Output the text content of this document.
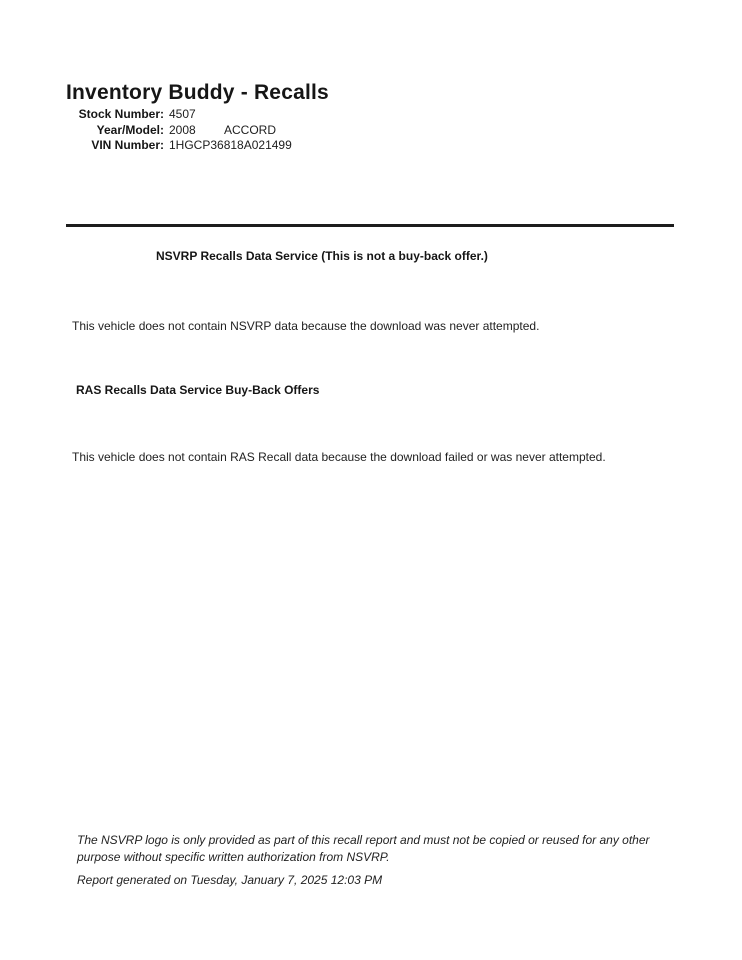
Inventory Buddy - Recalls
Stock Number: 4507
Year/Model: 2008	ACCORD
VIN Number: 1HGCP36818A021499
NSVRP Recalls Data Service (This is not a buy-back offer.)
This vehicle does not contain NSVRP data because the download was never attempted.
RAS Recalls Data Service Buy-Back Offers
This vehicle does not contain RAS Recall data because the download failed or was never attempted.
The NSVRP logo is only provided as part of this recall report and must not be copied or reused for any other purpose without specific written authorization from NSVRP.
Report generated on Tuesday, January 7, 2025 12:03 PM
